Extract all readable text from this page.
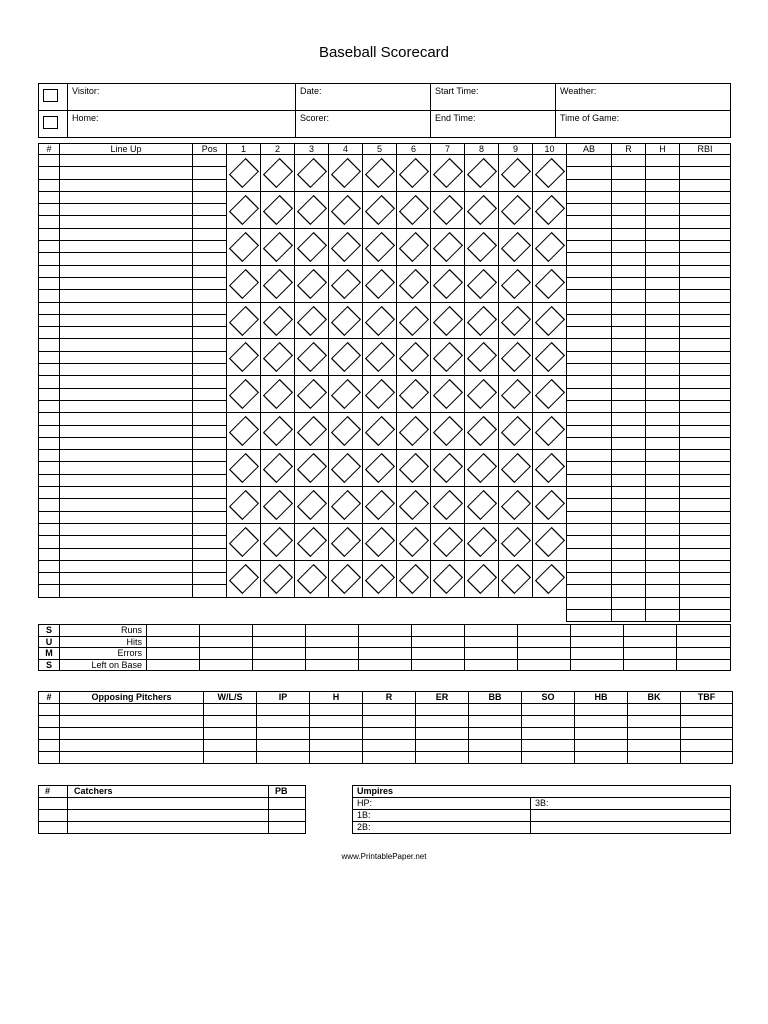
Baseball Scorecard
	Visitor:	Date:	Start Time:	Weather:
	Home:	Scorer:	End Time:	Time of Game:
#	Line Up	Pos	1	2	3	4	5	6	7	8	9	10	AB	R	H	RBI

S	Runs											
U	Hits											
M	Errors											
S	Left on Base											
#	Opposing Pitchers	W/L/S	IP	H	R	ER	BB	SO	HB	BK	TBF

#	Catchers	PB

			Umpires	
HP:	3B:
1B:	
2B:	
www.PrintablePaper.net
